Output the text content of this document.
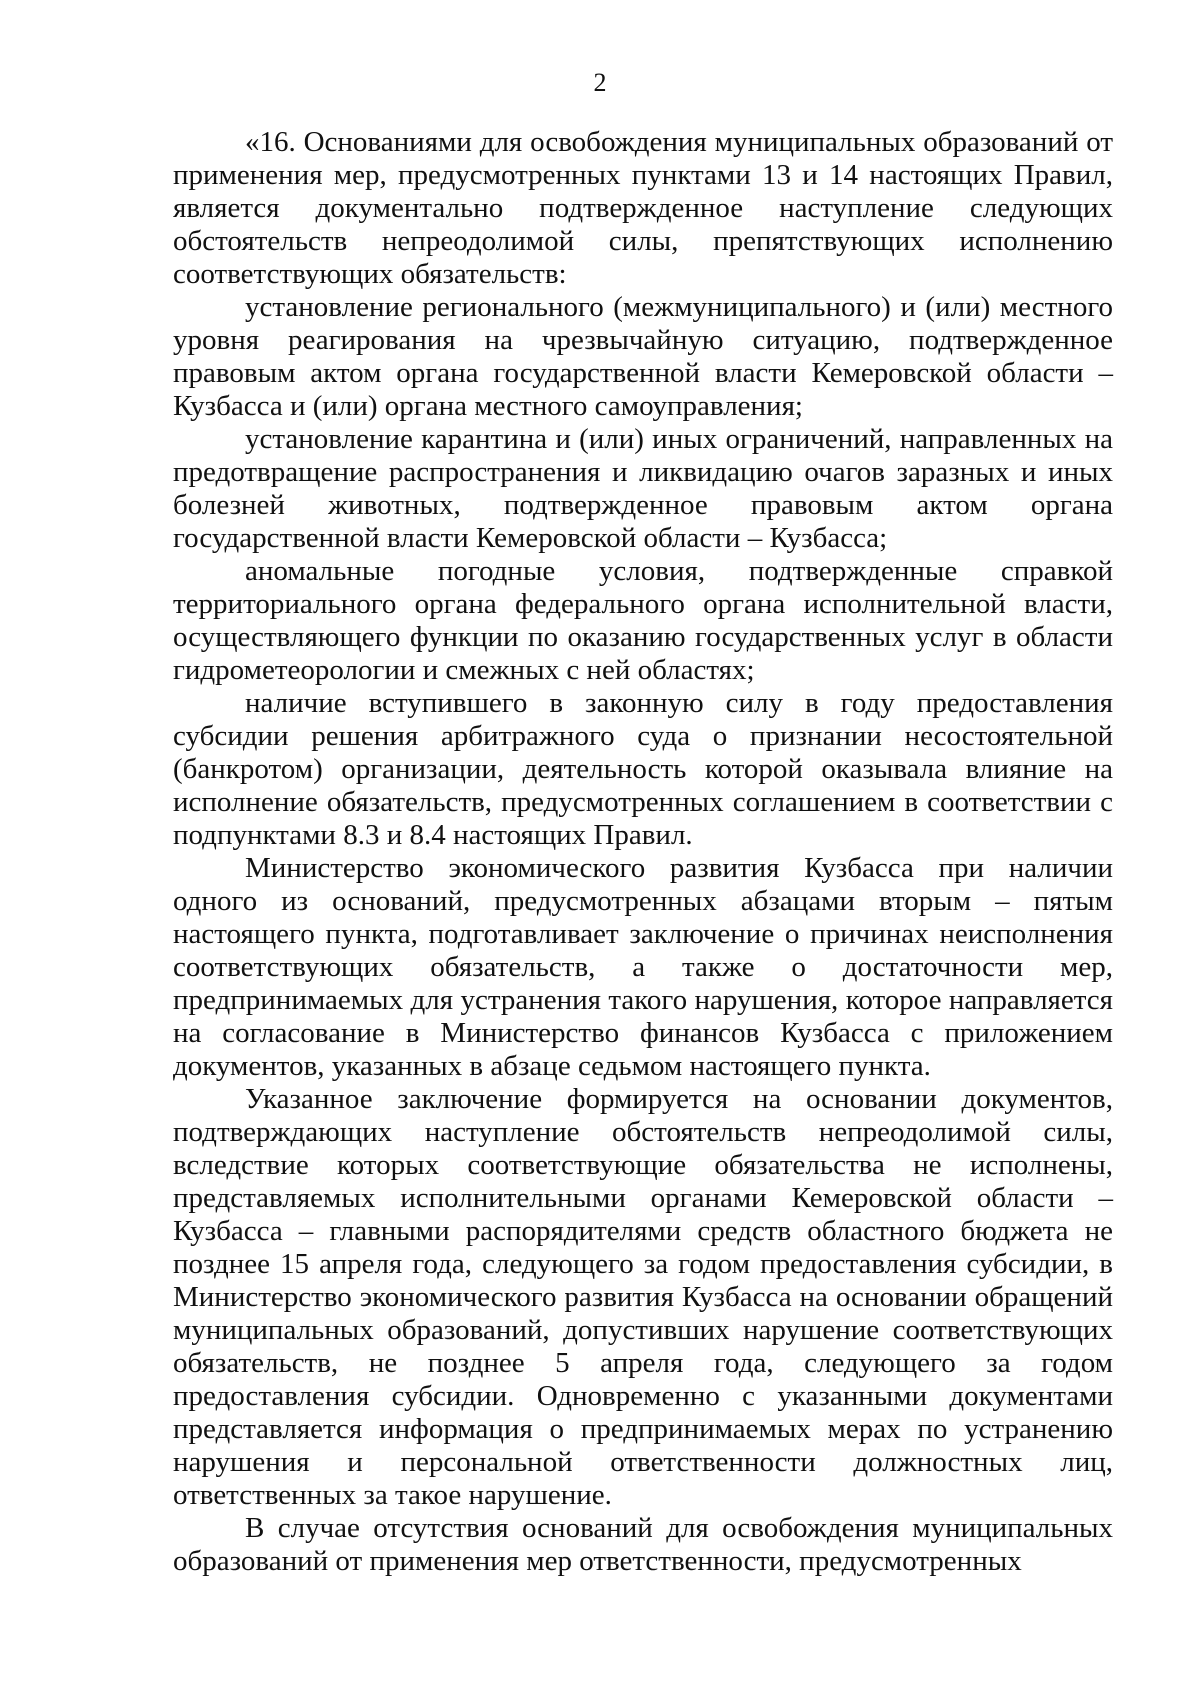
2

«16. Основаниями для освобождения муниципальных образований от применения мер, предусмотренных пунктами 13 и 14 настоящих Правил, является документально подтвержденное наступление следующих обстоятельств непреодолимой силы, препятствующих исполнению соответствующих обязательств:

установление регионального (межмуниципального) и (или) местного уровня реагирования на чрезвычайную ситуацию, подтвержденное правовым актом органа государственной власти Кемеровской области – Кузбасса и (или) органа местного самоуправления;

установление карантина и (или) иных ограничений, направленных на предотвращение распространения и ликвидацию очагов заразных и иных болезней животных, подтвержденное правовым актом органа государственной власти Кемеровской области – Кузбасса;

аномальные погодные условия, подтвержденные справкой территориального органа федерального органа исполнительной власти, осуществляющего функции по оказанию государственных услуг в области гидрометеорологии и смежных с ней областях;

наличие вступившего в законную силу в году предоставления субсидии решения арбитражного суда о признании несостоятельной (банкротом) организации, деятельность которой оказывала влияние на исполнение обязательств, предусмотренных соглашением в соответствии с подпунктами 8.3 и 8.4 настоящих Правил.

Министерство экономического развития Кузбасса при наличии одного из оснований, предусмотренных абзацами вторым – пятым настоящего пункта, подготавливает заключение о причинах неисполнения соответствующих обязательств, а также о достаточности мер, предпринимаемых для устранения такого нарушения, которое направляется на согласование в Министерство финансов Кузбасса с приложением документов, указанных в абзаце седьмом настоящего пункта.

Указанное заключение формируется на основании документов, подтверждающих наступление обстоятельств непреодолимой силы, вследствие которых соответствующие обязательства не исполнены, представляемых исполнительными органами Кемеровской области – Кузбасса – главными распорядителями средств областного бюджета не позднее 15 апреля года, следующего за годом предоставления субсидии, в Министерство экономического развития Кузбасса на основании обращений муниципальных образований, допустивших нарушение соответствующих обязательств, не позднее 5 апреля года, следующего за годом предоставления субсидии. Одновременно с указанными документами представляется информация о предпринимаемых мерах по устранению нарушения и персональной ответственности должностных лиц, ответственных за такое нарушение.

В случае отсутствия оснований для освобождения муниципальных образований от применения мер ответственности, предусмотренных
